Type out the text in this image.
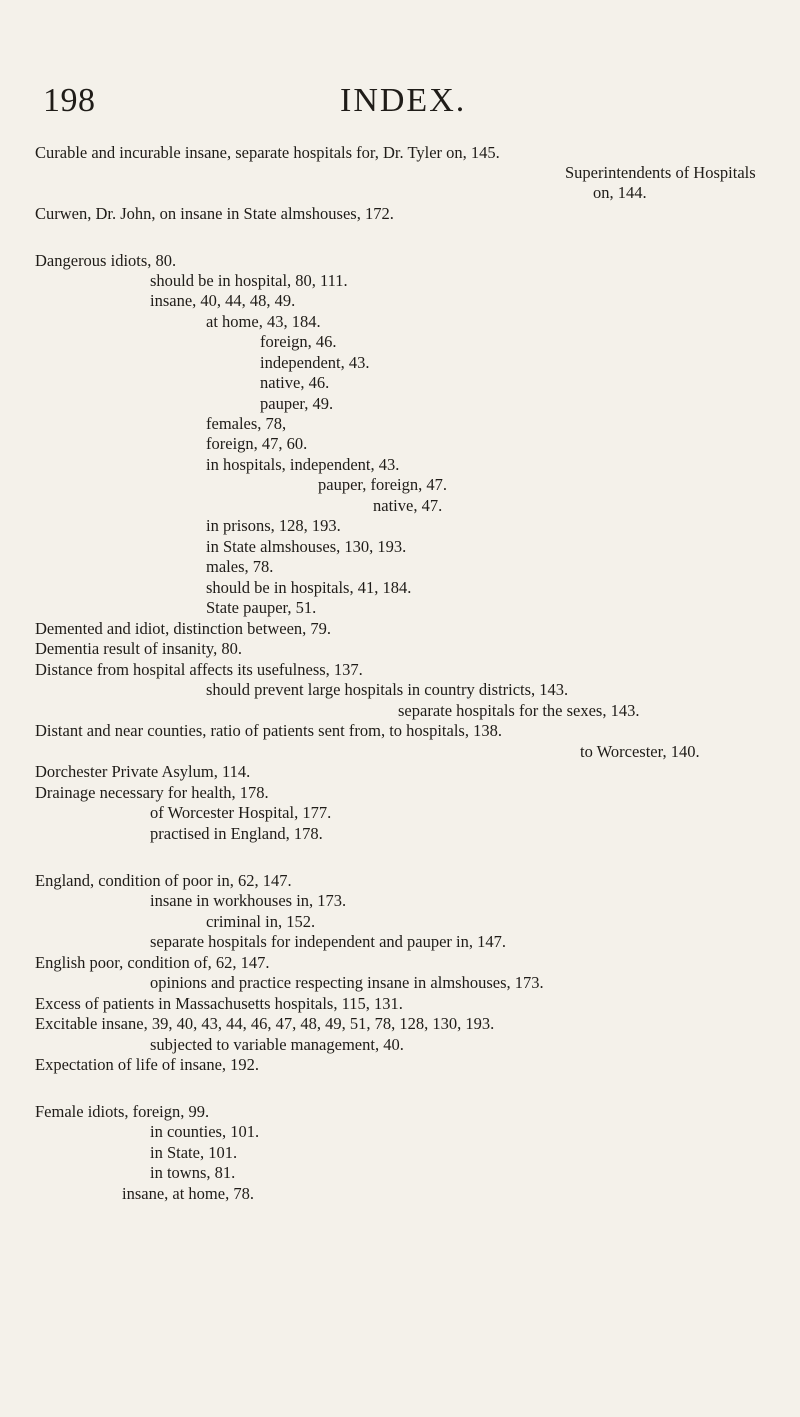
198	INDEX.
Curable and incurable insane, separate hospitals for, Dr. Tyler on, 145.
Superintendents of Hospitals
on, 144.
Curwen, Dr. John, on insane in State almshouses, 172.
Dangerous idiots, 80.
should be in hospital, 80, 111.
insane, 40, 44, 48, 49.
at home, 43, 184.
foreign, 46.
independent, 43.
native, 46.
pauper, 49.
females, 78,
foreign, 47, 60.
in hospitals, independent, 43.
pauper, foreign, 47.
native, 47.
in prisons, 128, 193.
in State almshouses, 130, 193.
males, 78.
should be in hospitals, 41, 184.
State pauper, 51.
Demented and idiot, distinction between, 79.
Dementia result of insanity, 80.
Distance from hospital affects its usefulness, 137.
should prevent large hospitals in country districts, 143.
separate hospitals for the sexes, 143.
Distant and near counties, ratio of patients sent from, to hospitals, 138.
to Worcester, 140.
Dorchester Private Asylum, 114.
Drainage necessary for health, 178.
of Worcester Hospital, 177.
practised in England, 178.
England, condition of poor in, 62, 147.
insane in workhouses in, 173.
criminal in, 152.
separate hospitals for independent and pauper in, 147.
English poor, condition of, 62, 147.
opinions and practice respecting insane in almshouses, 173.
Excess of patients in Massachusetts hospitals, 115, 131.
Excitable insane, 39, 40, 43, 44, 46, 47, 48, 49, 51, 78, 128, 130, 193.
subjected to variable management, 40.
Expectation of life of insane, 192.
Female idiots, foreign, 99.
in counties, 101.
in State, 101.
in towns, 81.
insane, at home, 78.
